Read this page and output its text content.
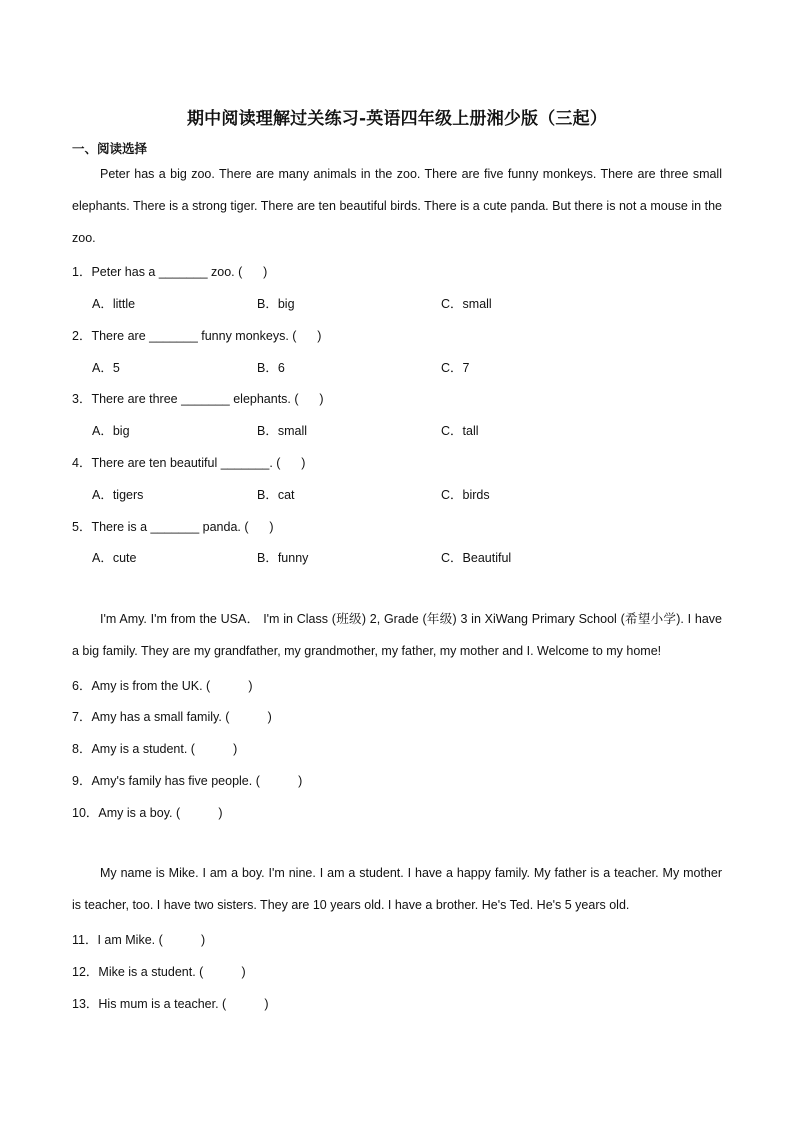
期中阅读理解过关练习-英语四年级上册湘少版（三起）
一、阅读选择
Peter has a big zoo. There are many animals in the zoo. There are five funny monkeys. There are three small elephants. There is a strong tiger. There are ten beautiful birds. There is a cute panda. But there is not a mouse in the zoo.
1．Peter has a _______ zoo. (      )
A．little	B．big	C．small
2．There are _______ funny monkeys. (      )
A．5	B．6	C．7
3．There are three _______ elephants. (      )
A．big	B．small	C．tall
4．There are ten beautiful _______. (      )
A．tigers	B．cat	C．birds
5．There is a _______ panda. (      )
A．cute	B．funny	C．Beautiful
I'm Amy. I'm from the USA． I'm in Class (班级) 2, Grade (年级) 3 in XiWang Primary School (希望小学). I have a big family. They are my grandfather, my grandmother, my father, my mother and I. Welcome to my home!
6．Amy is from the UK. (           )
7．Amy has a small family. (           )
8．Amy is a student. (           )
9．Amy's family has five people. (           )
10．Amy is a boy. (           )
My name is Mike. I am a boy. I'm nine. I am a student. I have a happy family. My father is a teacher. My mother is teacher, too. I have two sisters. They are 10 years old. I have a brother. He's Ted. He's 5 years old.
11．I am Mike. (           )
12．Mike is a student. (           )
13．His mum is a teacher. (           )
